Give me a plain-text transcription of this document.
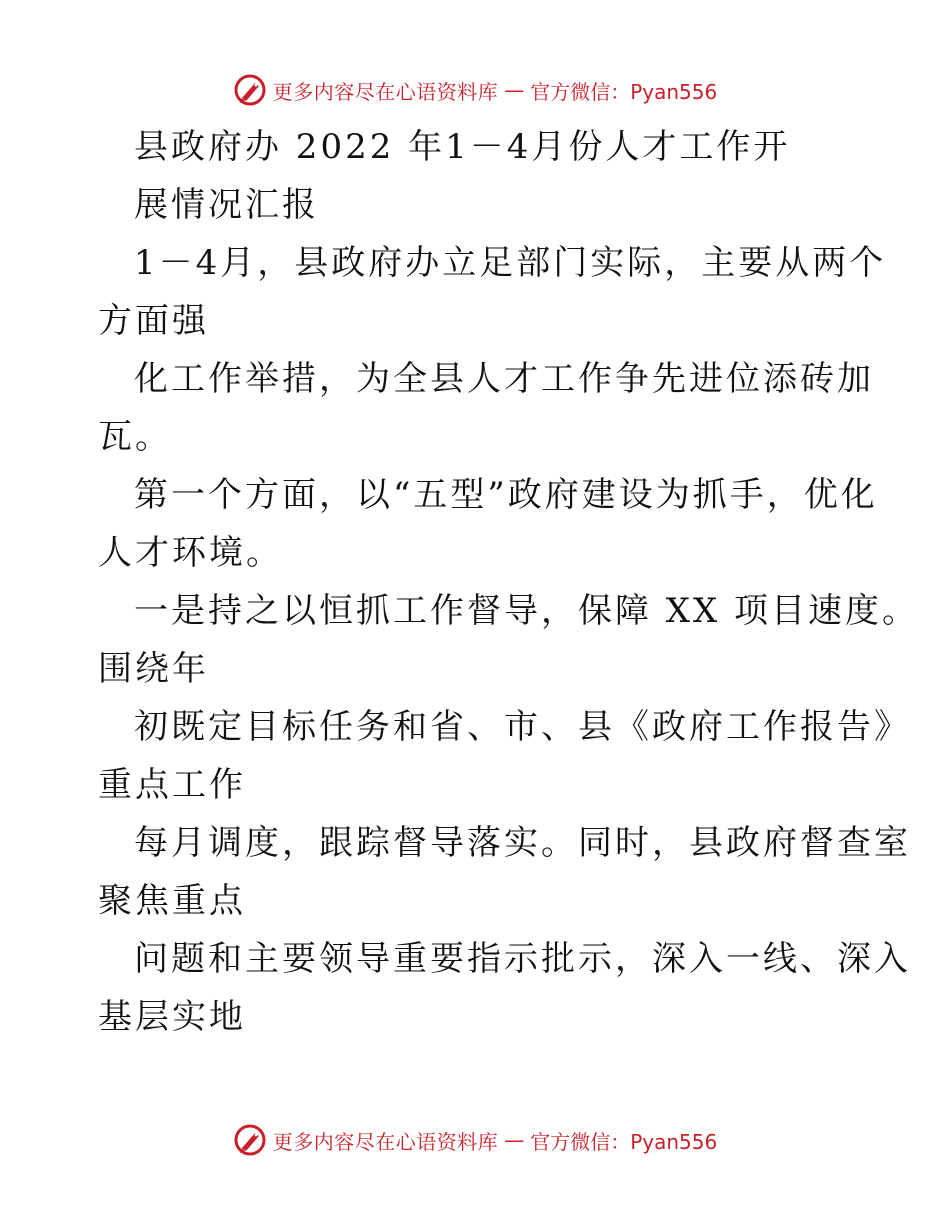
更多内容尽在心语资料库 — 官方微信：Pyan556
县政府办 2022 年1－4月份人才工作开
展情况汇报
1－4月，县政府办立足部门实际，主要从两个
方面强
化工作举措，为全县人才工作争先进位添砖加
瓦。
第一个方面，以“五型”政府建设为抓手，优化
人才环境。
一是持之以恒抓工作督导，保障 XX 项目速度。
围绕年
初既定目标任务和省、市、县《政府工作报告》
重点工作
每月调度，跟踪督导落实。同时，县政府督查室
聚焦重点
问题和主要领导重要指示批示，深入一线、深入
基层实地
更多内容尽在心语资料库 — 官方微信：Pyan556
